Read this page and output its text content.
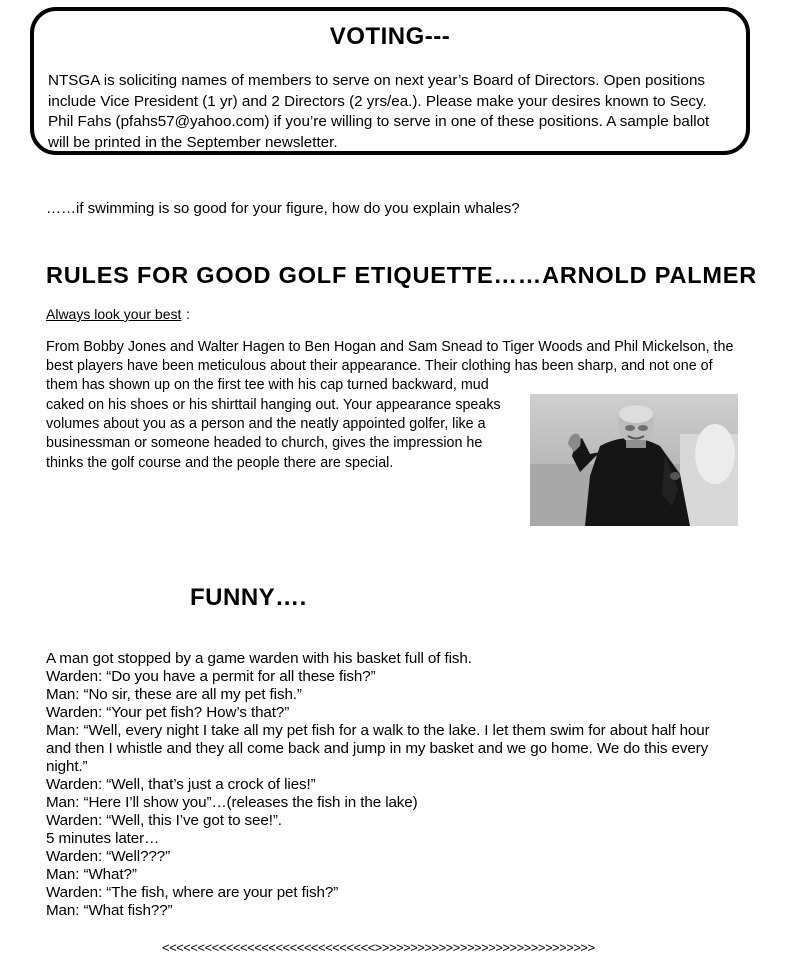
VOTING---
NTSGA is soliciting names of members to serve on next year’s Board of Directors. Open positions
include Vice President (1 yr) and 2 Directors (2 yrs/ea.). Please make your desires known to Secy.
Phil Fahs (pfahs57@yahoo.com) if you’re willing to serve in one of these positions. A sample ballot
will be printed in the September newsletter.
……if swimming is so good for your figure, how do you explain whales?
RULES FOR GOOD GOLF ETIQUETTE……ARNOLD PALMER
Always look your best :
From Bobby Jones and Walter Hagen to Ben Hogan and Sam Snead to Tiger Woods and Phil Mickelson, the
best players have been meticulous about their appearance. Their clothing has been sharp, and not one of
them has shown up on the first tee with his cap turned backward, mud
caked on his shoes or his shirttail hanging out. Your appearance speaks
volumes about you as a person and the neatly appointed golfer, like a
businessman or someone headed to church, gives the impression he
thinks the golf course and the people there are special.
FUNNY….
A man got stopped by a game warden with his basket full of fish.
Warden: “Do you have a permit for all these fish?”
Man: “No sir, these are all my pet fish.”
Warden: “Your pet fish? How’s that?”
Man: “Well, every night I take all my pet fish for a walk to the lake. I let them swim for about half hour
and then I whistle and they all come back and jump in my basket and we go home. We do this every
night.”
Warden: “Well, that’s just a crock of lies!”
Man: “Here I’ll show you”…(releases the fish in the lake)
Warden: “Well, this I’ve got to see!”.
5 minutes later…
Warden: “Well???”
Man: “What?”
Warden: “The fish, where are your pet fish?”
Man: “What fish??”
<<<<<<<<<<<<<<<<<<<<<<<<<<<<<<>>>>>>>>>>>>>>>>>>>>>>>>>>>>>>>
